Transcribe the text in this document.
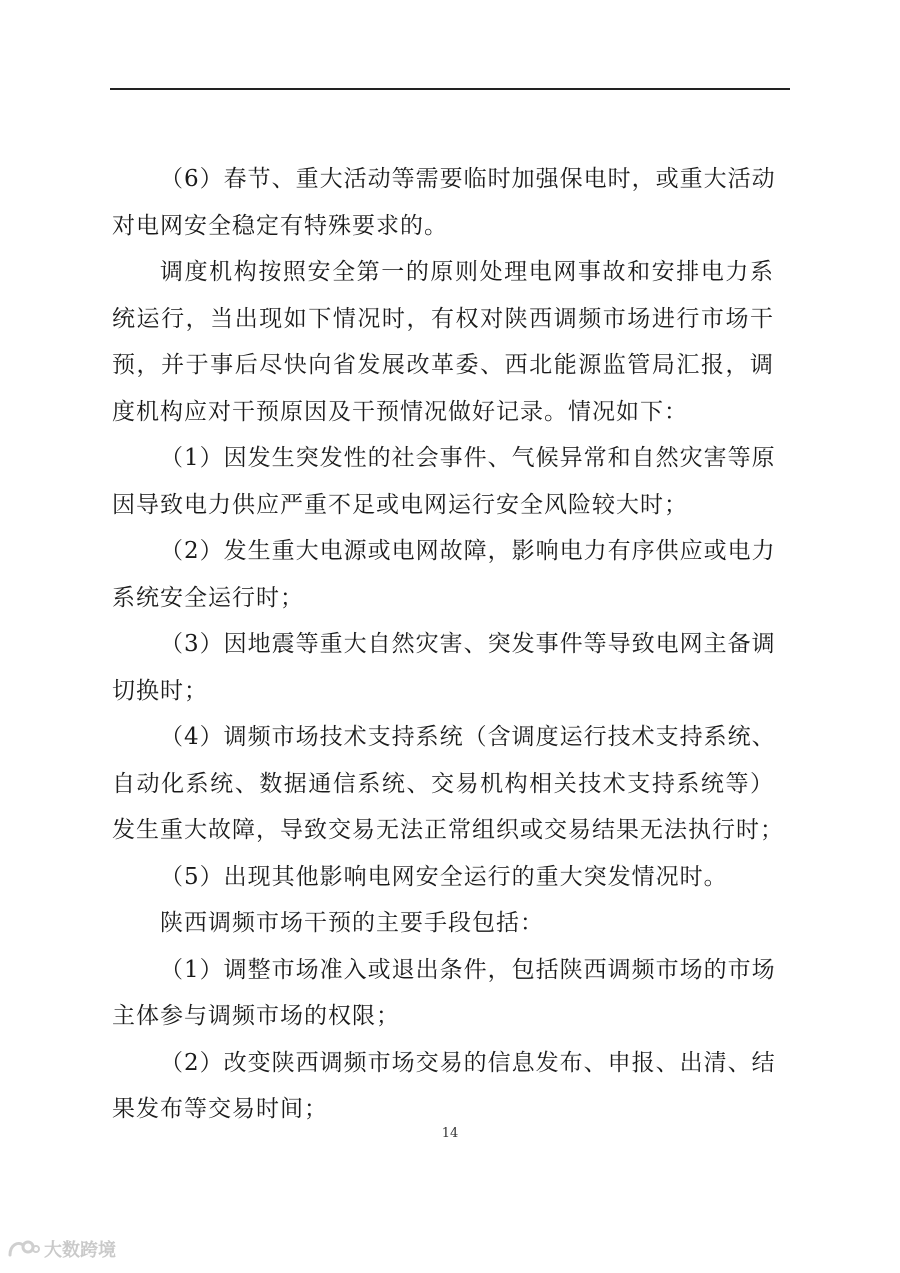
（6）春节、重大活动等需要临时加强保电时，或重大活动
对电网安全稳定有特殊要求的。
调度机构按照安全第一的原则处理电网事故和安排电力系
统运行，当出现如下情况时，有权对陕西调频市场进行市场干
预，并于事后尽快向省发展改革委、西北能源监管局汇报，调
度机构应对干预原因及干预情况做好记录。情况如下：
（1）因发生突发性的社会事件、气候异常和自然灾害等原
因导致电力供应严重不足或电网运行安全风险较大时；
（2）发生重大电源或电网故障，影响电力有序供应或电力
系统安全运行时；
（3）因地震等重大自然灾害、突发事件等导致电网主备调
切换时；
（4）调频市场技术支持系统（含调度运行技术支持系统、
自动化系统、数据通信系统、交易机构相关技术支持系统等）
发生重大故障，导致交易无法正常组织或交易结果无法执行时；
（5）出现其他影响电网安全运行的重大突发情况时。
陕西调频市场干预的主要手段包括：
（1）调整市场准入或退出条件，包括陕西调频市场的市场
主体参与调频市场的权限；
（2）改变陕西调频市场交易的信息发布、申报、出清、结
果发布等交易时间；
14
大数跨境
